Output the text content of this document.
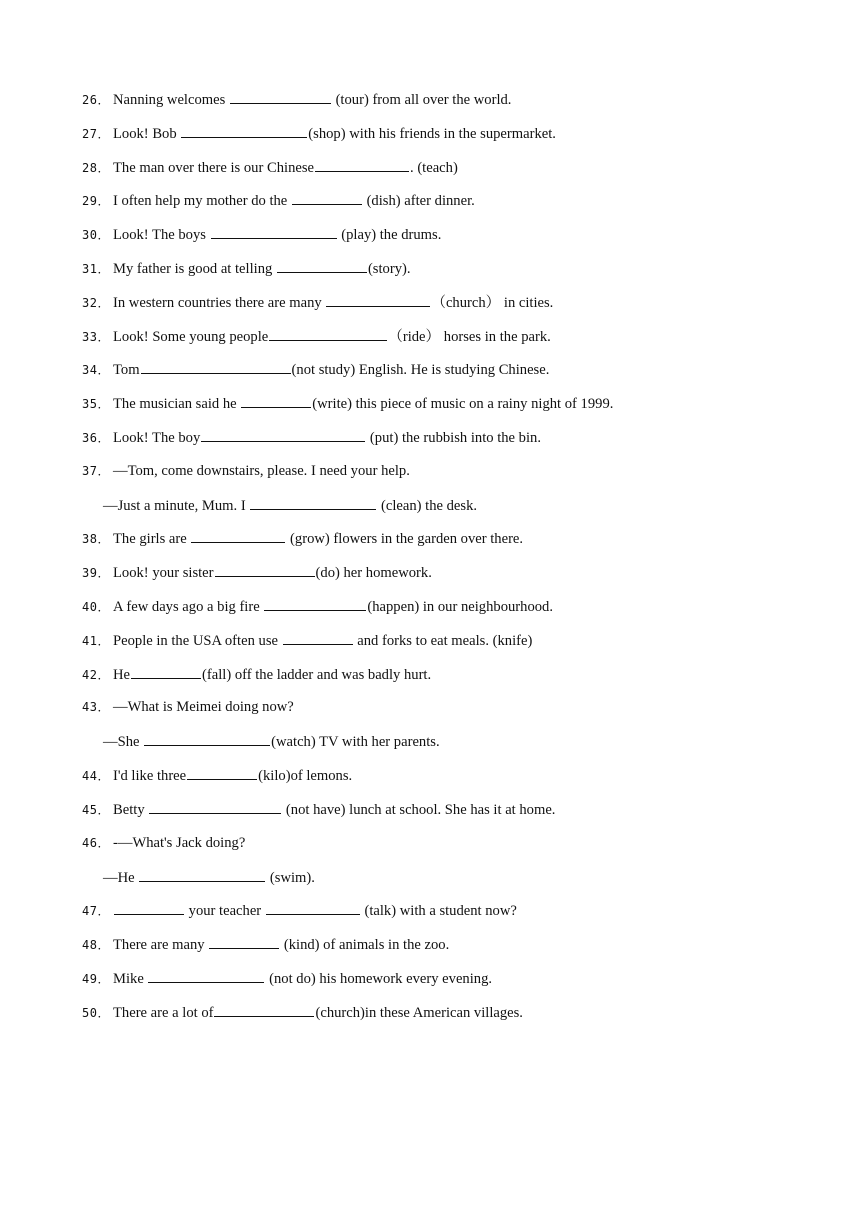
26． Nanning welcomes	(tour) from all over the world.
27． Look! Bob	(shop) with his friends in the supermarket.
28． The man over there is our Chinese	. (teach)
29． I often help my mother do the	(dish) after dinner.
30． Look! The boys	(play) the drums.
31． My father is good at telling	(story).
32． In western countries there are many	（church） in cities.
33． Look! Some young people	（ride） horses in the park.
34． Tom	(not study) English. He is studying Chinese.
35． The musician said he	(write) this piece of music on a rainy night of 1999.
36． Look! The boy	(put) the rubbish into the bin.
37． —Tom, come downstairs, please. I need your help.
—Just a minute, Mum. I	(clean) the desk.
38． The girls are	(grow) flowers in the garden over there.
39． Look! your sister	(do) her homework.
40． A few days ago a big fire	(happen) in our neighbourhood.
41． People in the USA often use	and forks to eat meals. (knife)
42． He	(fall) off the ladder and was badly hurt.
43． —What is Meimei doing now?
—She	(watch) TV with her parents.
44． I'd like three	(kilo)of lemons.
45． Betty	(not have) lunch at school. She has it at home.
46． -—What's Jack doing?
—He	(swim).
47．	your teacher	(talk) with a student now?
48． There are many	(kind) of animals in the zoo.
49． Mike	(not do) his homework every evening.
50． There are a lot of	(church)in these American villages.
